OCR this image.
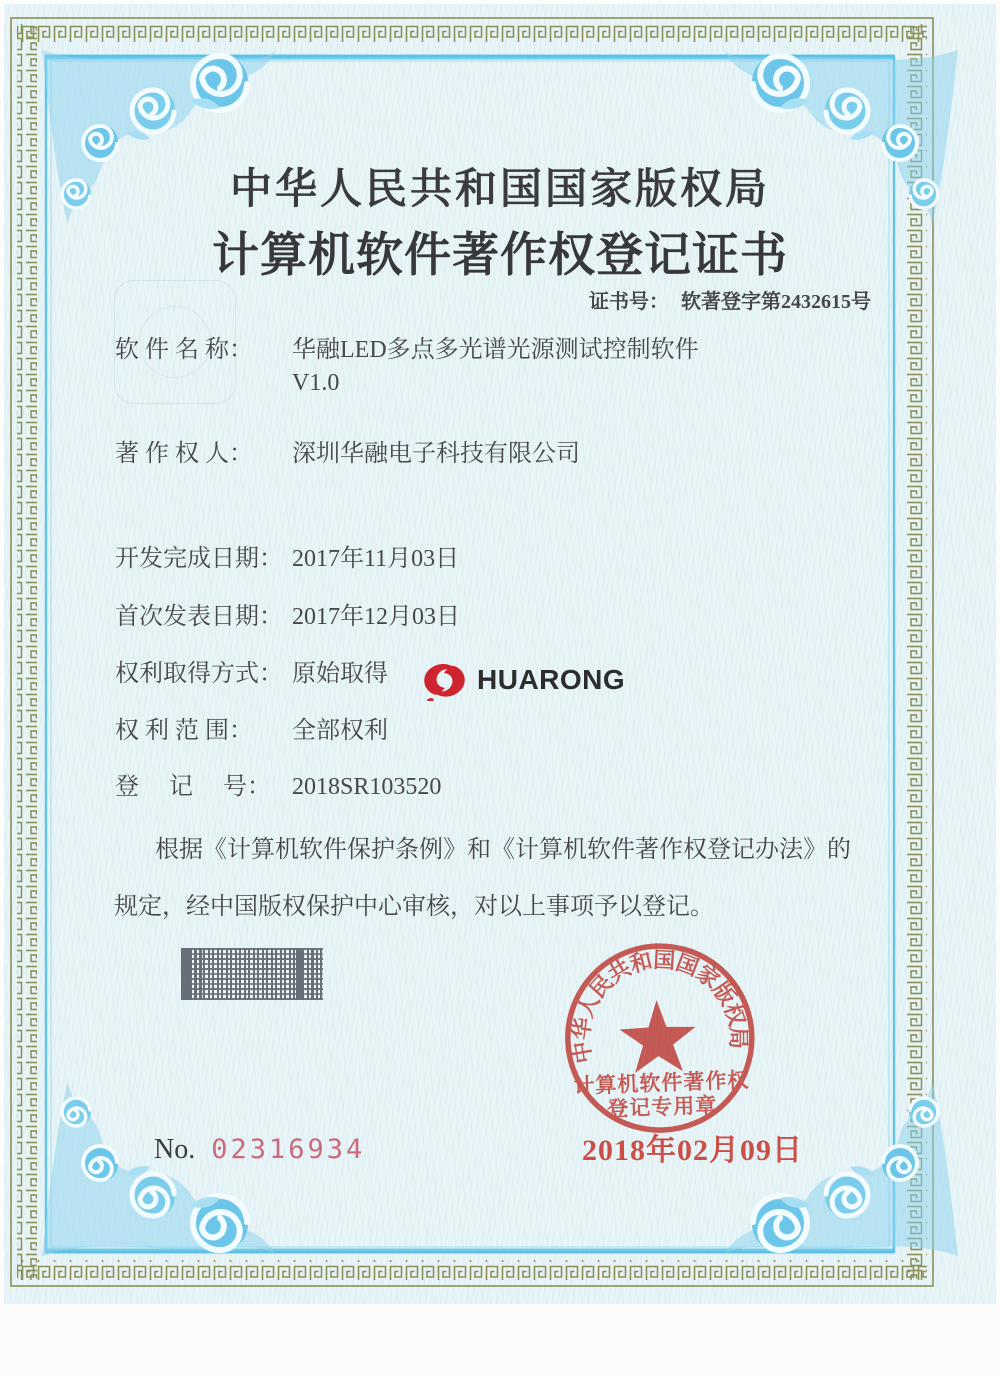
中华人民共和国国家版权局
计算机软件著作权登记证书
证书号： 软著登字第2432615号
软 件 名 称：	华融LED多点多光谱光源测试控制软件
V1.0
著 作 权 人：	深圳华融电子科技有限公司
开发完成日期： 2017年11月03日
首次发表日期： 2017年12月03日
权利取得方式： 原始取得
权 利 范 围：	全部权利
登　 记　 号： 2018SR103520
根据《计算机软件保护条例》和《计算机软件著作权登记办法》的
规定，经中国版权保护中心审核，对以上事项予以登记。
HUARONG
中华人民共和国国家版权局
计算机软件著作权
登记专用章
2018年02月09日
No. 02316934
